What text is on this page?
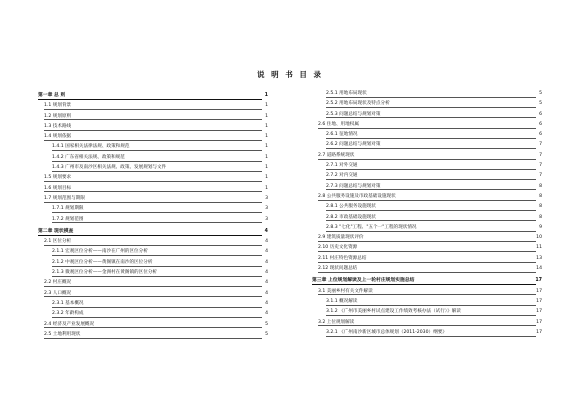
说 明 书 目 录
第一章 总 则	1
1.1 规划背景	1
1.2 规划原则	1
1.3 技术路线	1
1.4 规划依据	1
1.4.1 国家相关法律法规、政策和规范	1
1.4.2 广东省相关法规、政策和规范	1
1.4.3 广州市及南沙区相关法规、政策、发展规划与文件	1
1.5 规划要求	1
1.6 规划目标	1
1.7 规划范围与期限	3
1.7.1 规划期限	3
1.7.2 规划范围	3
第二章 现状摸查	4
2.1 区位分析	4
2.1.1 宏观区位分析——南沙在广州的区位分析	4
2.1.2 中观区位分析——黄阁镇在南沙的区位分析	4
2.1.3 微观区位分析——金洲村在黄阁镇的区位分析	4
2.2 村庄概况	4
2.3 人口概况	4
2.3.1 基本概况	4
2.3.2 年龄构成	4
2.4 经济及产业发展概况	5
2.5 土地利用现状	5
2.5.1 用地布局现状	5
2.5.2 用地布局现状及特点分析	5
2.5.3 问题总结与规划对策	6
2.6 住地、用地权属	6
2.6.1 征地情况	6
2.6.2 问题总结与规划对策	7
2.7 道路系统现状	7
2.7.1 对外交通	7
2.7.2 对内交通	7
2.7.3 问题总结与规划对策	8
2.8 公共服务设施及市政基础设施现状	8
2.8.1 公共服务设施现状	8
2.8.2 市政基础设施现状	8
2.8.3 "七化"工程、"五个一"工程的现状情况	9
2.9 建筑质量现状评价	10
2.10 历史文化资源	11
2.11 村庄特色资源总结	13
2.12 现状问题总结	14
第三章 上位规划解读及上一轮村庄规划实施总结	17
3.1 美丽乡村有关文件解读	17
3.1.1 概况解读	17
3.1.2 《广州市美丽乡村试点建设工作绩效考核办法（试行）》解读	17
3.2 上位规划解读	17
3.2.1 《广州南沙新区城市总体规划（2011-2030）纲要》	17
